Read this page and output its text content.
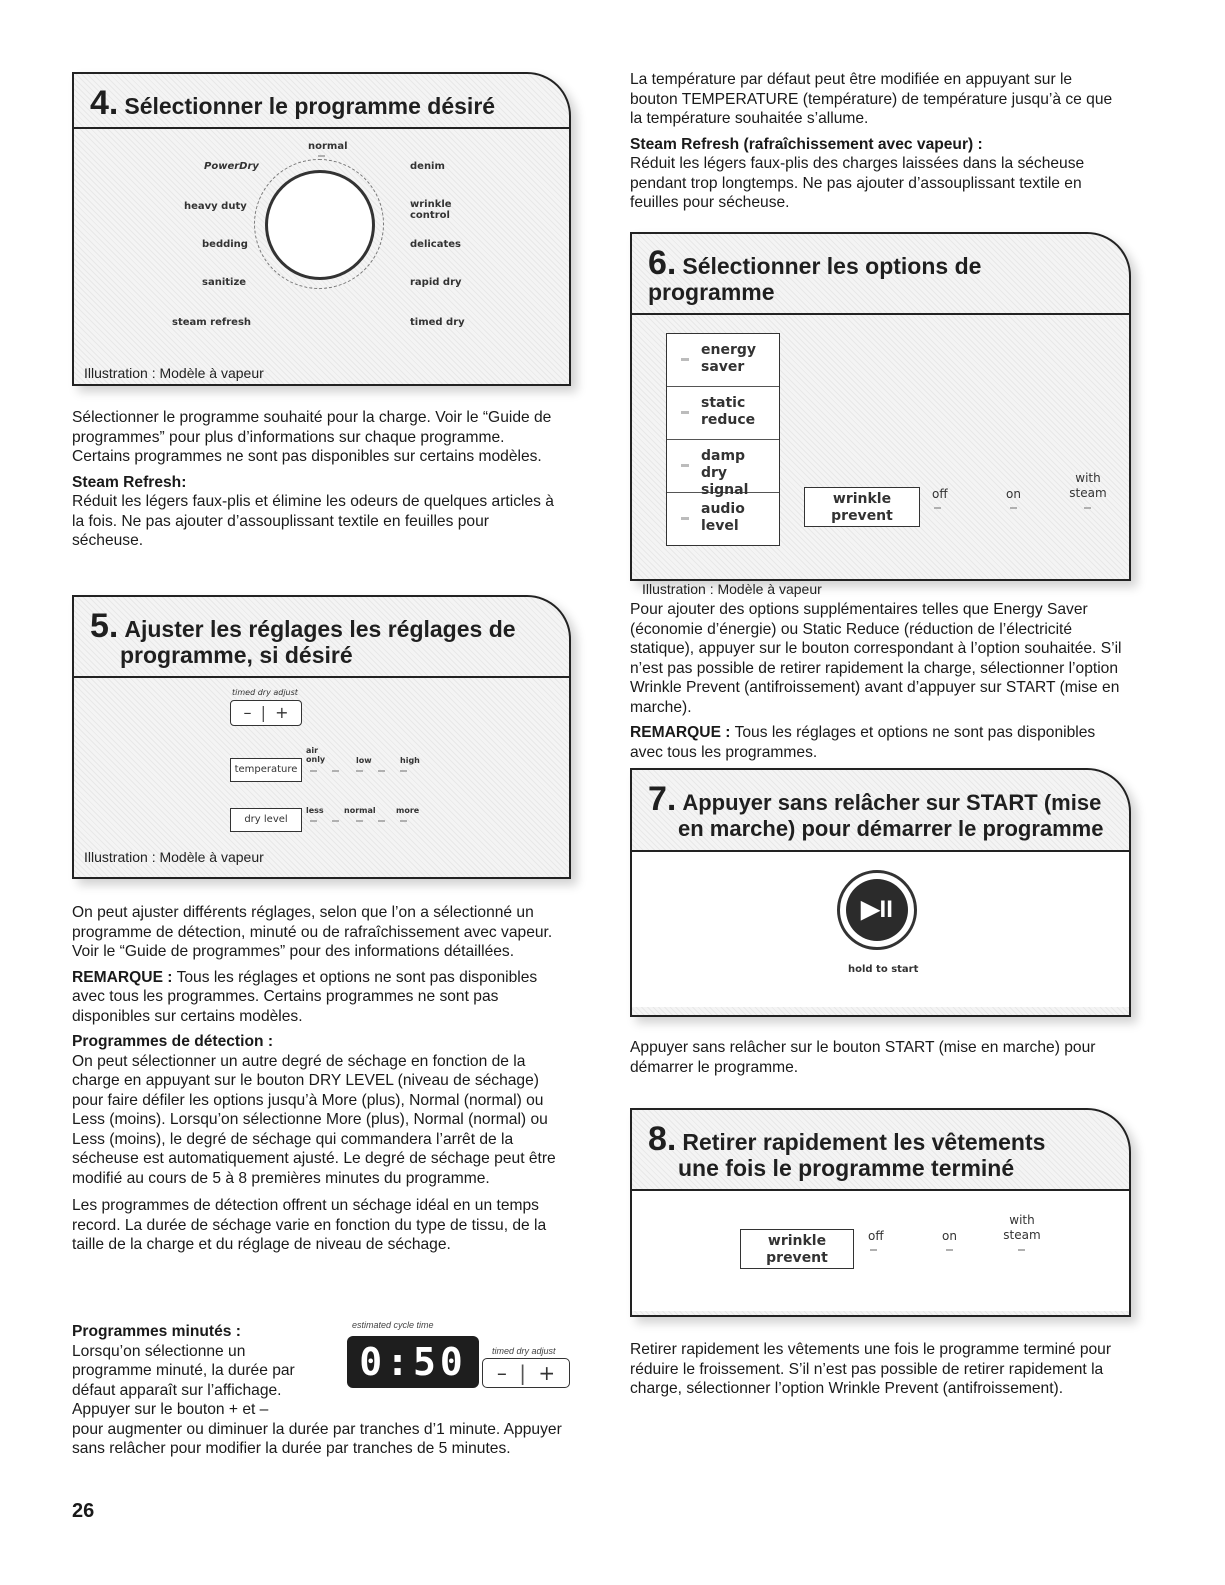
4. Sélectionner le programme désiré
normal
PowerDry
heavy duty
bedding
sanitize
steam refresh
denim
wrinkle control
delicates
rapid dry
timed dry
Illustration : Modèle à vapeur

Sélectionner le programme souhaité pour la charge. Voir le “Guide de programmes” pour plus d’informations sur chaque programme. Certains programmes ne sont pas disponibles sur certains modèles.

Steam Refresh:

Réduit les légers faux-plis et élimine les odeurs de quelques articles à la fois. Ne pas ajouter d’assouplissant textile en feuilles pour sécheuse.

5. Ajuster les réglages les réglages de
programme, si désiré
timed dry adjust
– | +
temperature
air only	low	high
dry level
less	normal	more
Illustration : Modèle à vapeur

On peut ajuster différents réglages, selon que l’on a sélectionné un programme de détection, minuté ou de rafraîchissement avec vapeur. Voir le “Guide de programmes” pour des informations détaillées.

REMARQUE : Tous les réglages et options ne sont pas disponibles avec tous les programmes. Certains programmes ne sont pas disponibles sur certains modèles.

Programmes de détection :

On peut sélectionner un autre degré de séchage en fonction de la charge en appuyant sur le bouton DRY LEVEL (niveau de séchage) pour faire défiler les options jusqu’à More (plus), Normal (normal) ou Less (moins). Lorsqu’on sélectionne More (plus), Normal (normal) ou Less (moins), le degré de séchage qui commandera l’arrêt de la sécheuse est automatiquement ajusté. Le degré de séchage peut être modifié au cours de 5 à 8 premières minutes du programme.

Les programmes de détection offrent un séchage idéal en un temps record. La durée de séchage varie en fonction du type de tissu, de la taille de la charge et du réglage de niveau de séchage.

Programmes minutés :

Lorsqu’on sélectionne un

programme minuté, la durée par

défaut apparaît sur l’affichage.

Appuyer sur le bouton + et –

pour augmenter ou diminuer la durée par tranches d’1 minute. Appuyer sans relâcher pour modifier la durée par tranches de 5 minutes.

estimated cycle time
0:50	timed dry adjust
– | +

La température par défaut peut être modifiée en appuyant sur le bouton TEMPERATURE (température) de température jusqu’à ce que la température souhaitée s’allume.

Steam Refresh (rafraîchissement avec vapeur) :

Réduit les légers faux-plis des charges laissées dans la sécheuse pendant trop longtemps. Ne pas ajouter d’assouplissant textile en feuilles pour sécheuse.

6. Sélectionner les options de programme
energy saver
static reduce
damp dry signal
audio level
wrinkle prevent
off	on
with steam
Illustration : Modèle à vapeur

Pour ajouter des options supplémentaires telles que Energy Saver (économie d’énergie) ou Static Reduce (réduction de l’électricité statique), appuyer sur le bouton correspondant à l’option souhaitée. S’il n’est pas possible de retirer rapidement la charge, sélectionner l’option Wrinkle Prevent (antifroissement) avant d’appuyer sur START (mise en marche).

REMARQUE : Tous les réglages et options ne sont pas disponibles avec tous les programmes.

7. Appuyer sans relâcher sur START (mise
en marche) pour démarrer le programme
▶II
hold to start

Appuyer sans relâcher sur le bouton START (mise en marche) pour démarrer le programme.

8. Retirer rapidement les vêtements
une fois le programme terminé
wrinkle prevent
off	on
with steam

Retirer rapidement les vêtements une fois le programme terminé pour réduire le froissement. S’il n’est pas possible de retirer rapidement la charge, sélectionner l’option Wrinkle Prevent (antifroissement).

26
